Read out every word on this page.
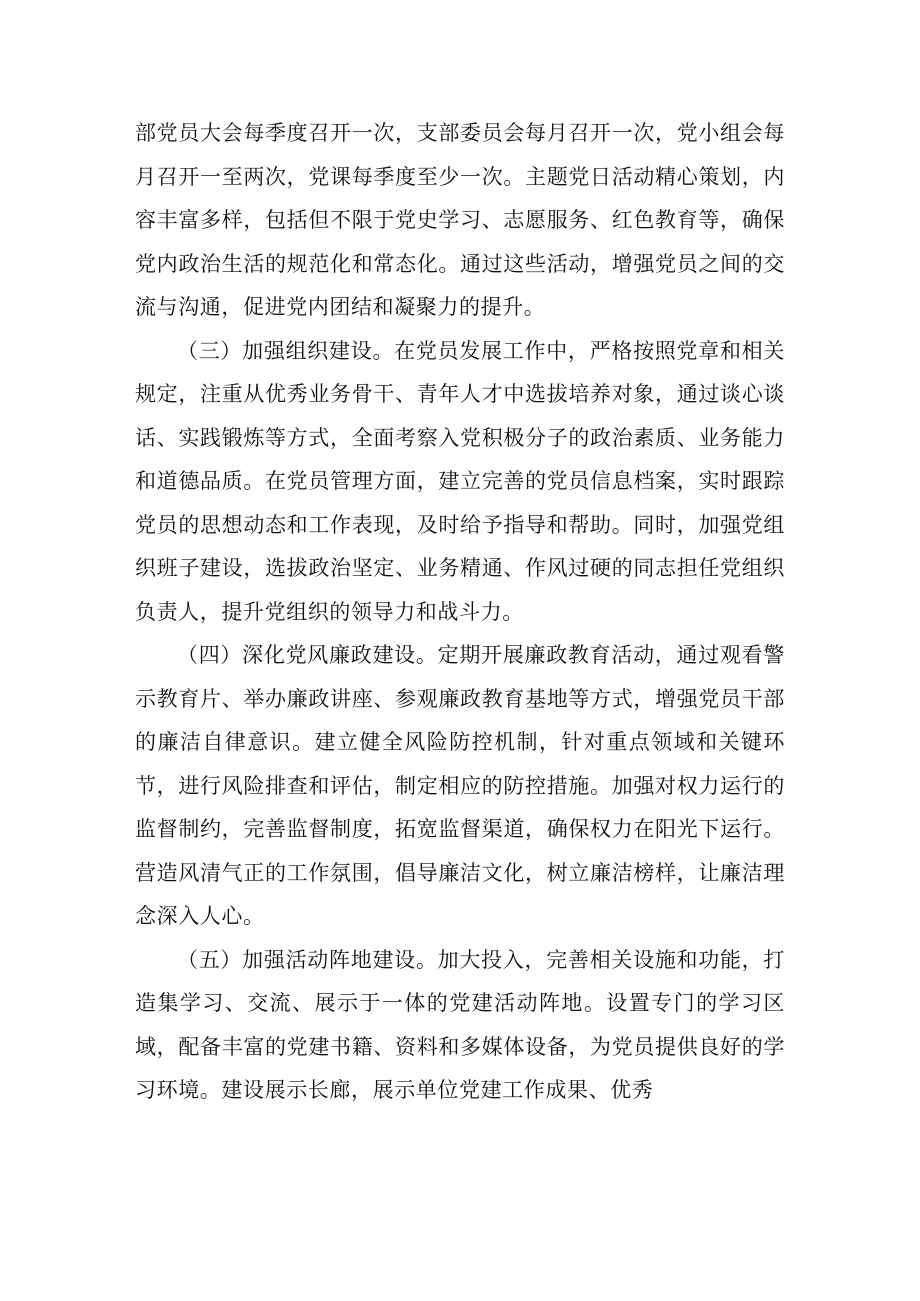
部党员大会每季度召开一次，支部委员会每月召开一次，党小组会每月召开一至两次，党课每季度至少一次。主题党日活动精心策划，内容丰富多样，包括但不限于党史学习、志愿服务、红色教育等，确保党内政治生活的规范化和常态化。通过这些活动，增强党员之间的交流与沟通，促进党内团结和凝聚力的提升。

（三）加强组织建设。在党员发展工作中，严格按照党章和相关规定，注重从优秀业务骨干、青年人才中选拔培养对象，通过谈心谈话、实践锻炼等方式，全面考察入党积极分子的政治素质、业务能力和道德品质。在党员管理方面，建立完善的党员信息档案，实时跟踪党员的思想动态和工作表现，及时给予指导和帮助。同时，加强党组织班子建设，选拔政治坚定、业务精通、作风过硬的同志担任党组织负责人，提升党组织的领导力和战斗力。

（四）深化党风廉政建设。定期开展廉政教育活动，通过观看警示教育片、举办廉政讲座、参观廉政教育基地等方式，增强党员干部的廉洁自律意识。建立健全风险防控机制，针对重点领域和关键环节，进行风险排查和评估，制定相应的防控措施。加强对权力运行的监督制约，完善监督制度，拓宽监督渠道，确保权力在阳光下运行。营造风清气正的工作氛围，倡导廉洁文化，树立廉洁榜样，让廉洁理念深入人心。

（五）加强活动阵地建设。加大投入，完善相关设施和功能，打造集学习、交流、展示于一体的党建活动阵地。设置专门的学习区域，配备丰富的党建书籍、资料和多媒体设备，为党员提供良好的学习环境。建设展示长廊，展示单位党建工作成果、优秀
